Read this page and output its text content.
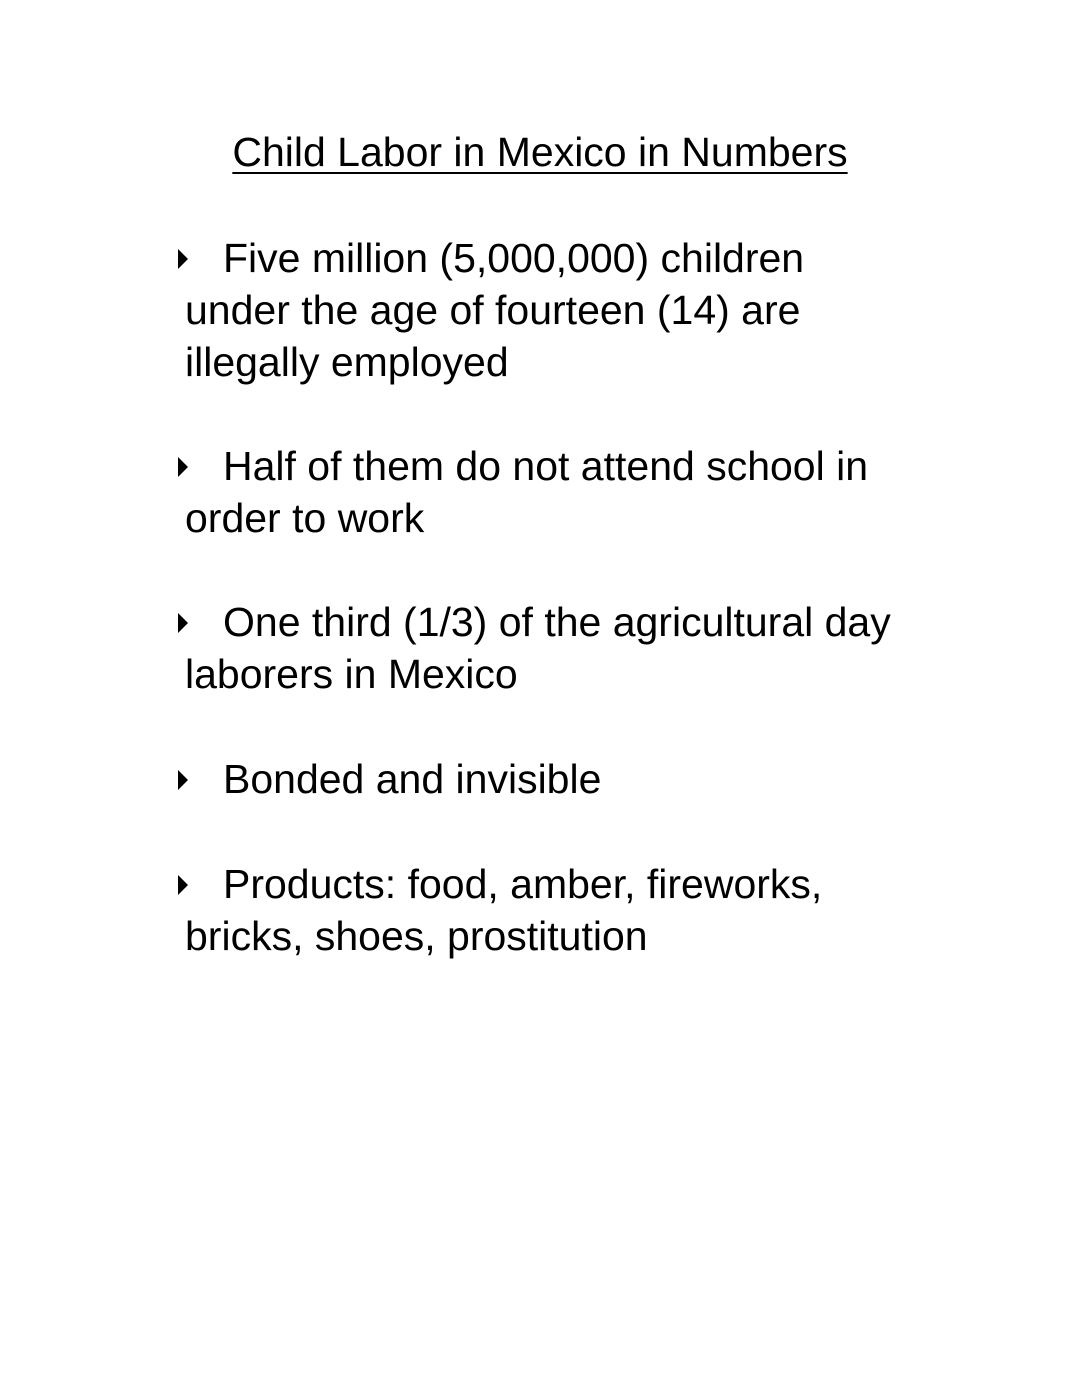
Child Labor in Mexico in Numbers

Five million (5,000,000) children under the age of fourteen (14) are illegally employed

Half of them do not attend school in order to work

One third (1/3) of the agricultural day laborers in Mexico

Bonded and invisible

Products: food, amber, fireworks, bricks, shoes, prostitution
